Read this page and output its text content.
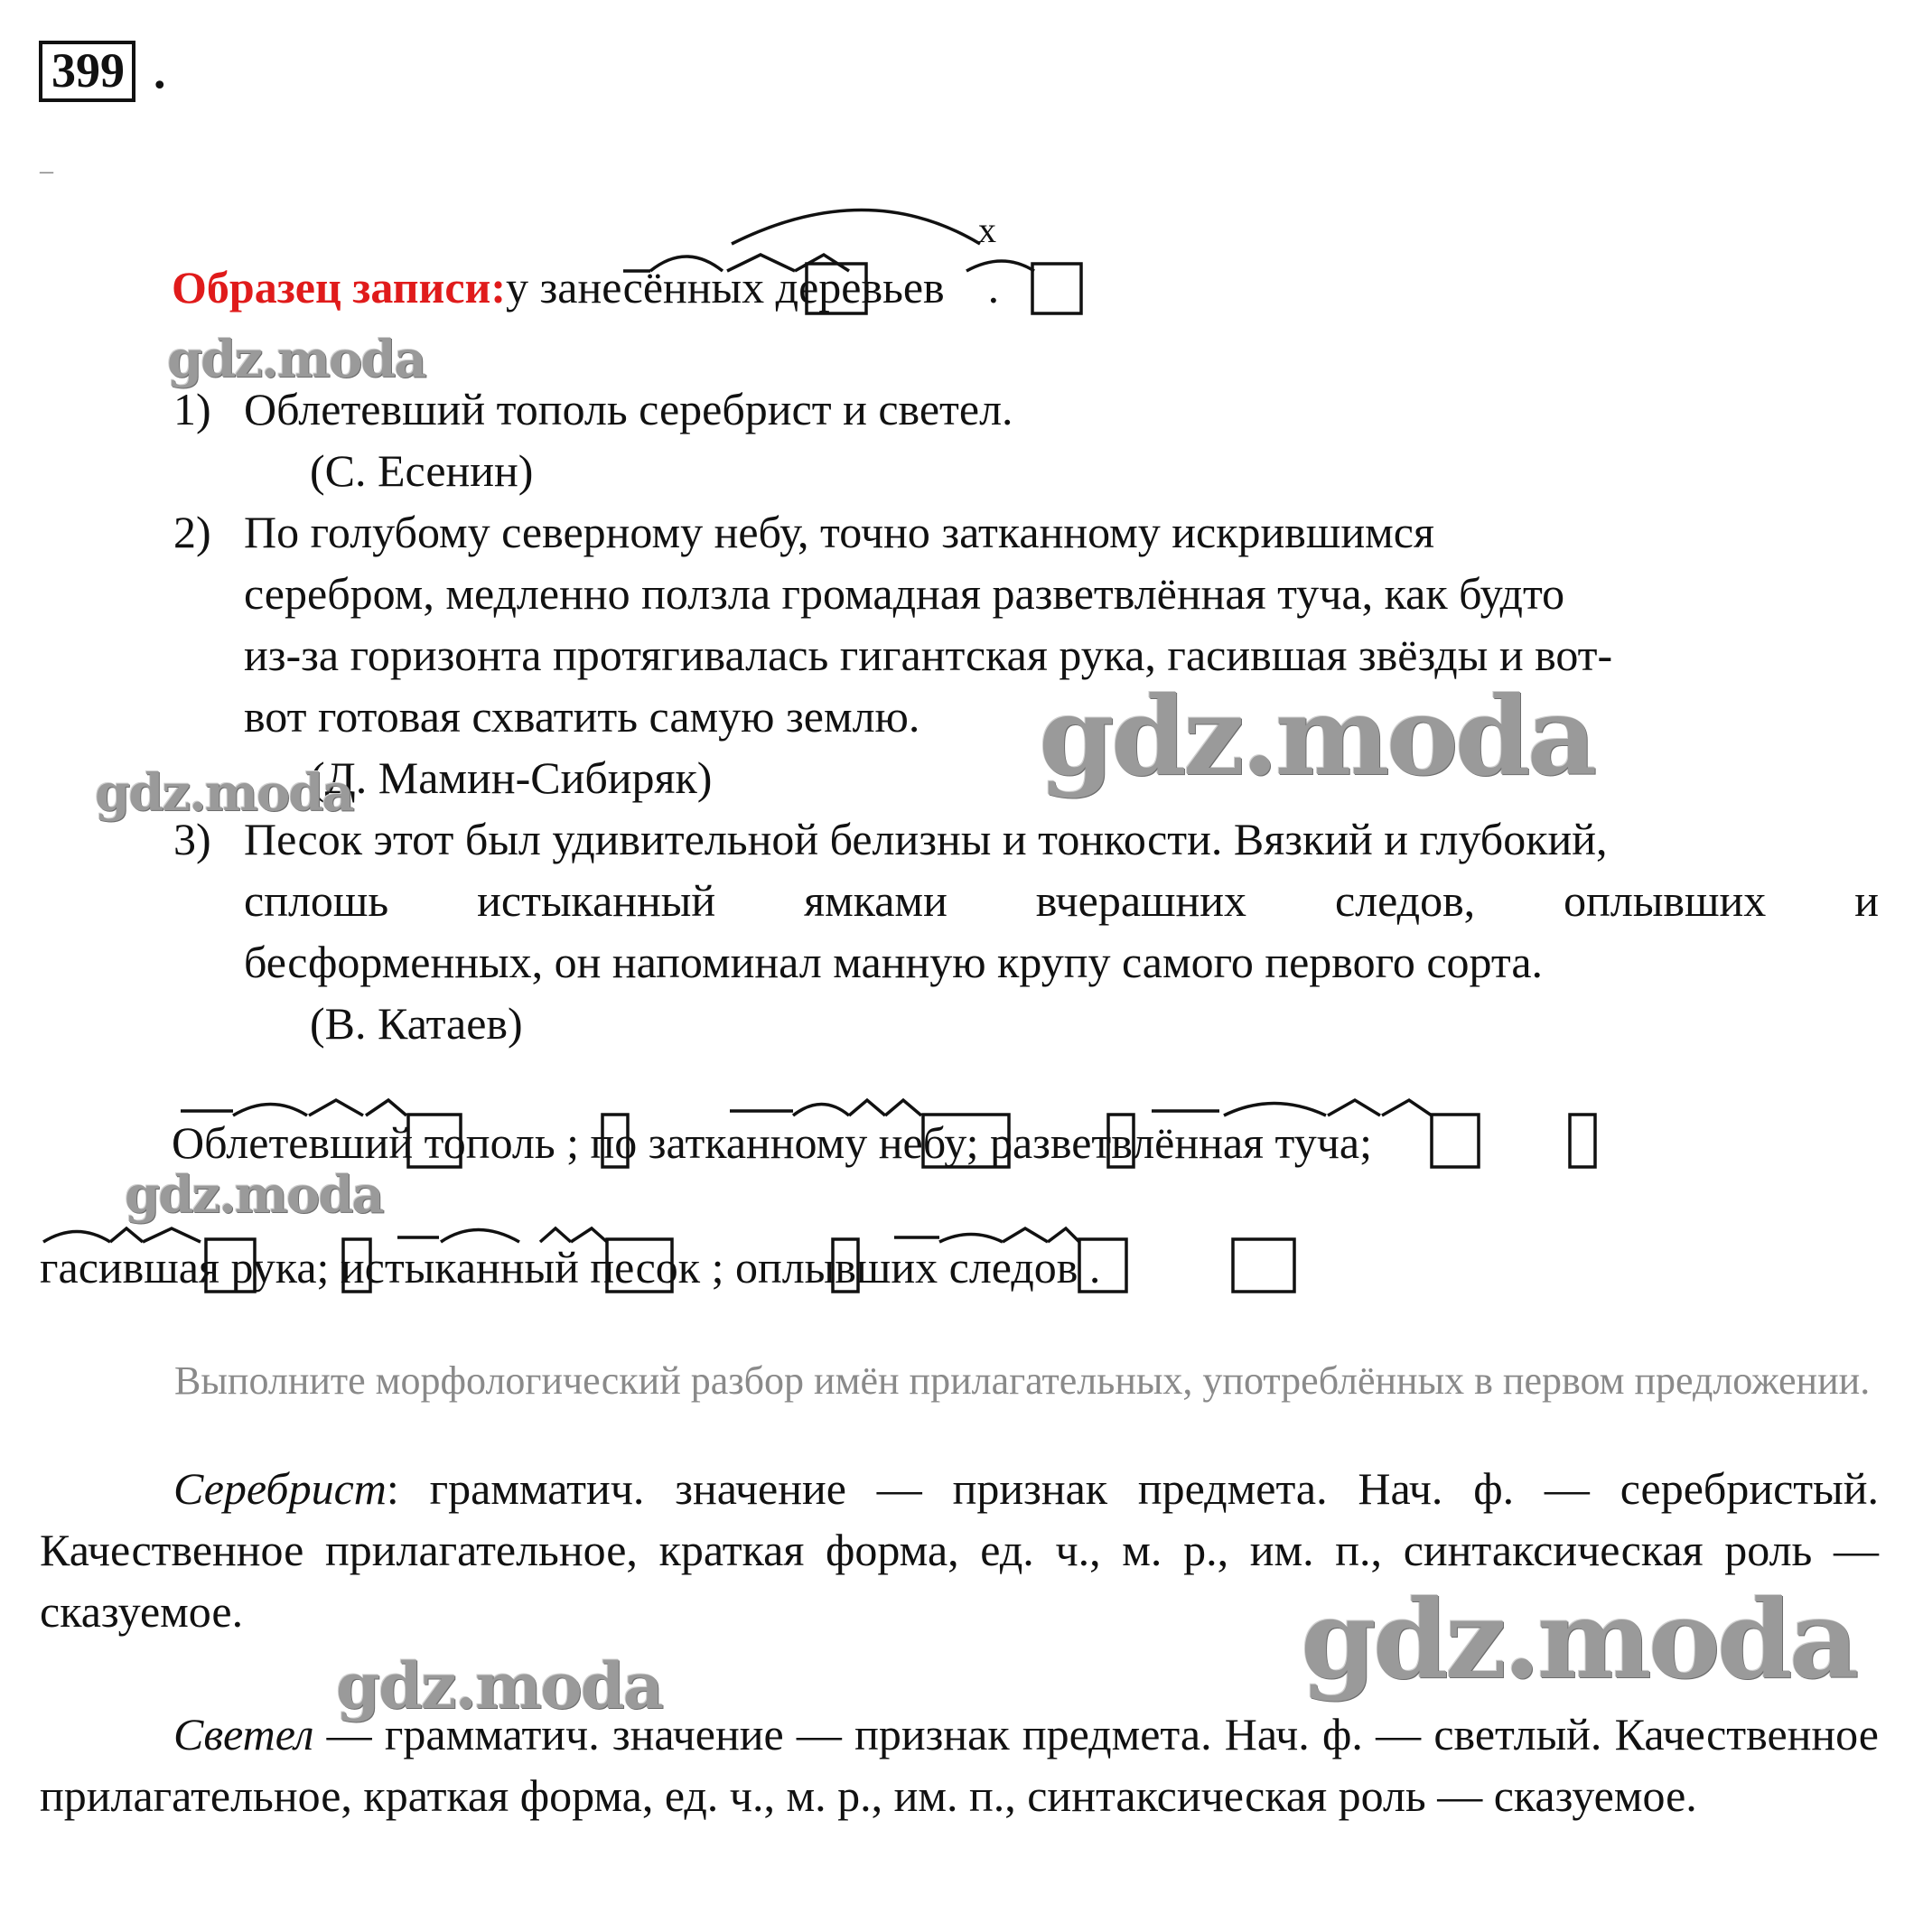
399 .
–
х
Образец записи:у занесённых деревьев .
1) Облетевший тополь серебрист и светел.
(С. Есенин)
2) По голубому северному небу, точно затканному искрившимся
серебром, медленно ползла громадная разветвлённая туча, как будто
из-за горизонта протягивалась гигантская рука, гасившая звёзды и вот-
вот готовая схватить самую землю.
(Д. Мамин-Сибиряк)
3) Песок этот был удивительной белизны и тонкости. Вязкий и глубокий,
сплошь истыканный ямками вчерашних следов, оплывших и
бесформенных, он напоминал манную крупу самого первого сорта.
(В. Катаев)
Облетевший тополь ; по затканному небу; разветвлённая туча;
гасившая рука; истыканный песок ; оплывших следов .
Выполните морфологический разбор имён прилагательных, употреблённых в первом предложении.
Серебрист: грамматич. значение — признак предмета. Нач. ф. — серебристый. Качественное прилагательное, краткая форма, ед. ч., м. р., им. п., синтаксическая роль — сказуемое.
Светел — грамматич. значение — признак предмета. Нач. ф. — светлый. Качественное прилагательное, краткая форма, ед. ч., м. р., им. п., синтаксическая роль — сказуемое.
gdz.moda
gdz.moda
gdz.moda
gdz.moda
gdz.moda
gdz.moda
